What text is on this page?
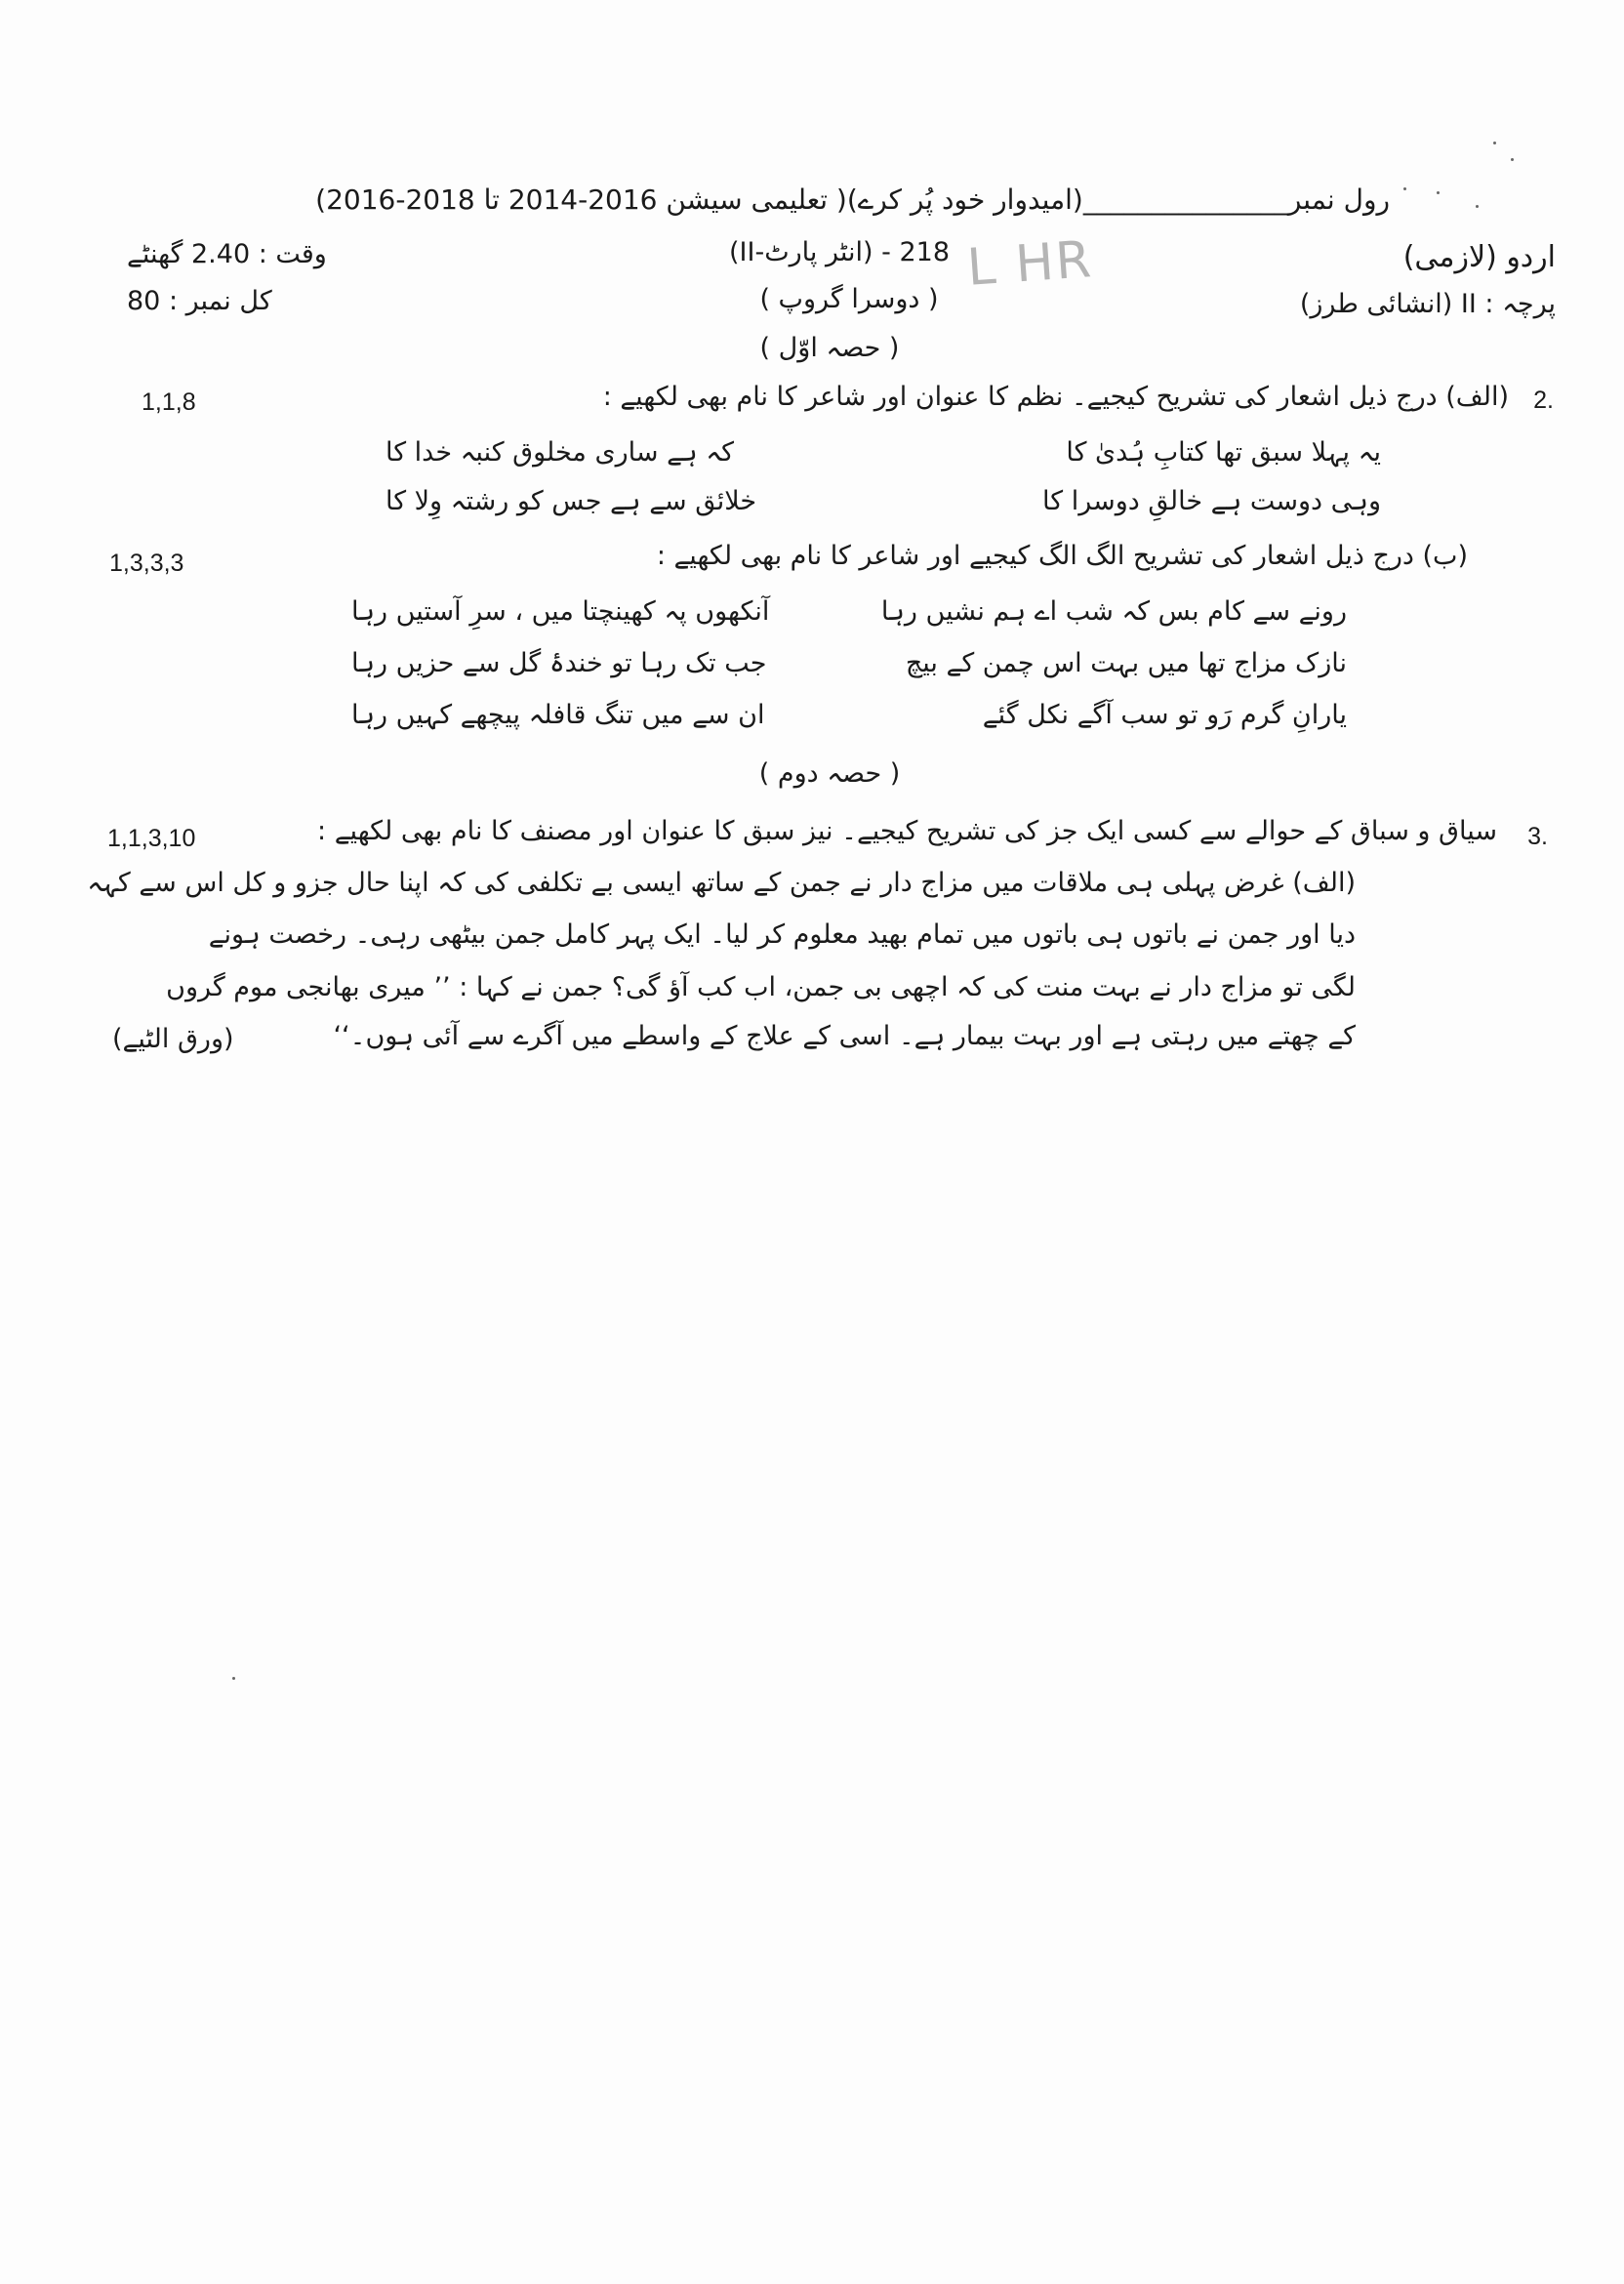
رول نمبر_______________(امیدوار خود پُر کرے)( تعلیمی سیشن 2016-2014 تا 2018-2016)
اردو (لازمی)
218 - (انٹر پارٹ-II)
وقت : 2.40 گھنٹے	L HR
پرچہ : II (انشائی طرز)
( دوسرا گروپ )
کل نمبر : 80
( حصہ اوّل )
2.
(الف) درج ذیل اشعار کی تشریح کیجیے۔ نظم کا عنوان اور شاعر کا نام بھی لکھیے :
1,1,8
یہ پہلا سبق تھا کتابِ ہُدیٰ کا
کہ ہے ساری مخلوق کنبہ خدا کا
وہی دوست ہے خالقِ دوسرا کا
خلائق سے ہے جس کو رشتہ وِلا کا
(ب) درج ذیل اشعار کی تشریح الگ الگ کیجیے اور شاعر کا نام بھی لکھیے :
1,3,3,3
رونے سے کام بس کہ شب اے ہم نشیں رہا
آنکھوں پہ کھینچتا میں ، سرِ آستیں رہا
نازک مزاج تھا میں بہت اس چمن کے بیچ
جب تک رہا تو خندۂ گل سے حزیں رہا
یارانِ گرم رَو تو سب آگے نکل گئے
ان سے میں تنگ قافلہ پیچھے کہیں رہا
( حصہ دوم )
3.
سیاق و سباق کے حوالے سے کسی ایک جز کی تشریح کیجیے۔ نیز سبق کا عنوان اور مصنف کا نام بھی لکھیے :
1,1,3,10
(الف) غرض پہلی ہی ملاقات میں مزاج دار نے جمن کے ساتھ ایسی بے تکلفی کی کہ اپنا حال جزو و کل اس سے کہہ
دیا اور جمن نے باتوں ہی باتوں میں تمام بھید معلوم کر لیا۔ ایک پہر کامل جمن بیٹھی رہی۔ رخصت ہونے
لگی تو مزاج دار نے بہت منت کی کہ اچھی بی جمن، اب کب آؤ گی؟ جمن نے کہا : ’’ میری بھانجی موم گروں
کے چھتے میں رہتی ہے اور بہت بیمار ہے۔ اسی کے علاج کے واسطے میں آگرے سے آئی ہوں۔‘‘
(ورق الٹیے)
